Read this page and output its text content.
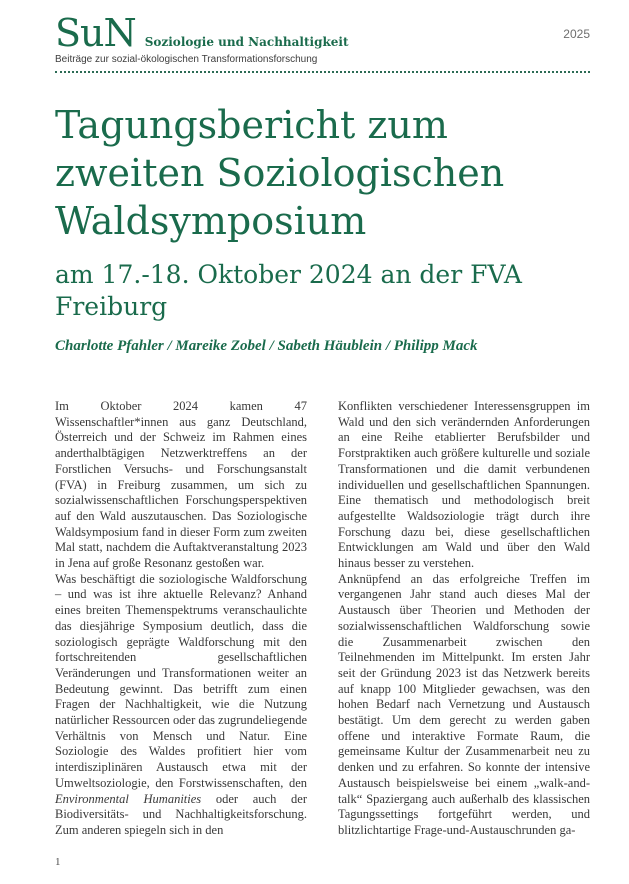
SuN Soziologie und Nachhaltigkeit
Beiträge zur sozial-ökologischen Transformationsforschung
2025
Tagungsbericht zum zweiten Soziologischen Waldsymposium
am 17.-18. Oktober 2024 an der FVA Freiburg
Charlotte Pfahler / Mareike Zobel / Sabeth Häublein / Philipp Mack

Im Oktober 2024 kamen 47 Wissenschaftler*innen aus ganz Deutschland, Österreich und der Schweiz im Rahmen eines anderthalbtägigen Netzwerktreffens an der Forstlichen Versuchs- und Forschungsanstalt (FVA) in Freiburg zusammen, um sich zu sozialwissenschaftlichen Forschungsperspektiven auf den Wald auszutauschen. Das Soziologische Waldsymposium fand in dieser Form zum zweiten Mal statt, nachdem die Auftaktveranstaltung 2023 in Jena auf große Resonanz gestoßen war.

Was beschäftigt die soziologische Waldforschung – und was ist ihre aktuelle Relevanz? Anhand eines breiten Themenspektrums veranschaulichte das diesjährige Symposium deutlich, dass die soziologisch geprägte Waldforschung mit den fortschreitenden gesellschaftlichen Veränderungen und Transformationen weiter an Bedeutung gewinnt. Das betrifft zum einen Fragen der Nachhaltigkeit, wie die Nutzung natürlicher Ressourcen oder das zugrundeliegende Verhältnis von Mensch und Natur. Eine Soziologie des Waldes profitiert hier vom interdisziplinären Austausch etwa mit der Umweltsoziologie, den Forstwissenschaften, den Environmental Humanities oder auch der Biodiversitäts- und Nachhaltigkeitsforschung. Zum anderen spiegeln sich in den

Konflikten verschiedener Interessensgruppen im Wald und den sich verändernden Anforderungen an eine Reihe etablierter Berufsbilder und Forstpraktiken auch größere kulturelle und soziale Transformationen und die damit verbundenen individuellen und gesellschaftlichen Spannungen. Eine thematisch und methodologisch breit aufgestellte Waldsoziologie trägt durch ihre Forschung dazu bei, diese gesellschaftlichen Entwicklungen am Wald und über den Wald hinaus besser zu verstehen.

Anknüpfend an das erfolgreiche Treffen im vergangenen Jahr stand auch dieses Mal der Austausch über Theorien und Methoden der sozialwissenschaftlichen Waldforschung sowie die Zusammenarbeit zwischen den Teilnehmenden im Mittelpunkt. Im ersten Jahr seit der Gründung 2023 ist das Netzwerk bereits auf knapp 100 Mitglieder gewachsen, was den hohen Bedarf nach Vernetzung und Austausch bestätigt. Um dem gerecht zu werden gaben offene und interaktive Formate Raum, die gemeinsame Kultur der Zusammenarbeit neu zu denken und zu erfahren. So konnte der intensive Austausch beispielsweise bei einem „walk-and-talk“ Spaziergang auch außerhalb des klassischen Tagungssettings fortgeführt werden, und blitzlichtartige Frage-und-Austauschrunden ga-

1
